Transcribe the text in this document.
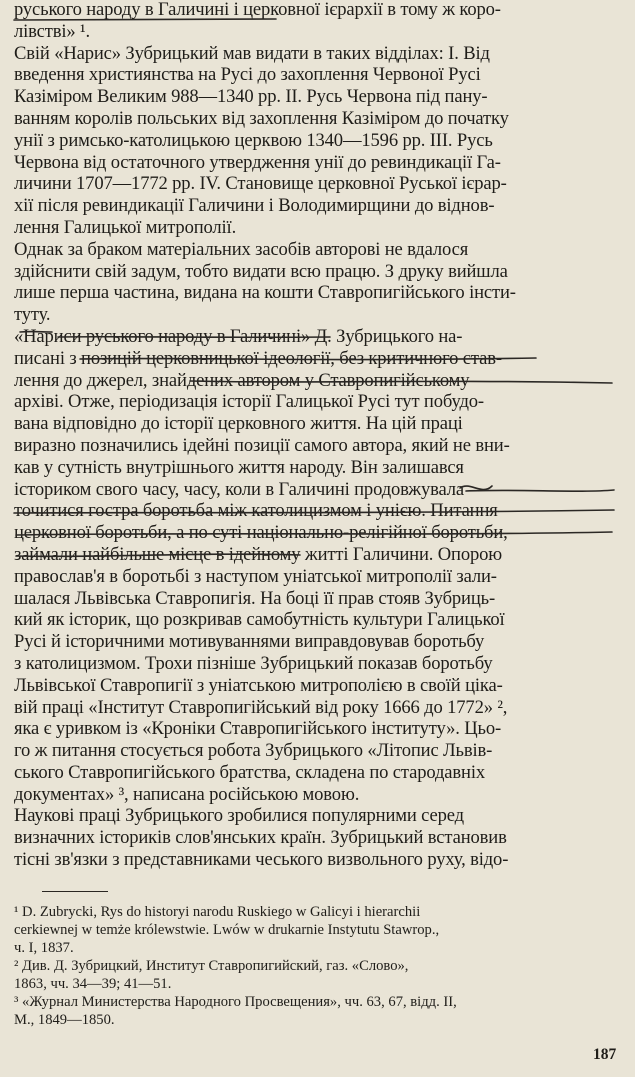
руського народу в Галичині і церковної ієрархії в тому ж коро-
лівстві» ¹.
Свій «Нарис» Зубрицький мав видати в таких відділах: І. Від
введення християнства на Русі до захоплення Червоної Русі
Казіміром Великим 988—1340 рр. II. Русь Червона під пану-
ванням королів польських від захоплення Казіміром до початку
унії з римсько-католицькою церквою 1340—1596 рр. III. Русь
Червона від остаточного утвердження унії до ревиндикації Га-
личини 1707—1772 рр. IV. Становище церковної Руської ієрар-
хії після ревиндикації Галичини і Володимирщини до віднов-
лення Галицької митрополії.
Однак за браком матеріальних засобів авторові не вдалося
здійснити свій задум, тобто видати всю працю. З друку вийшла
лише перша частина, видана на кошти Ставропигійського інсти-
туту.
«Нариси руського народу в Галичині» Д. Зубрицького на-
писані з позицій церковницької ідеології, без критичного став-
лення до джерел, знайдених автором у Ставропигійському
архіві. Отже, періодизація історії Галицької Русі тут побудо-
вана відповідно до історії церковного життя. На цій праці
виразно позначились ідейні позиції самого автора, який не вни-
кав у сутність внутрішнього життя народу. Він залишався
істориком свого часу, часу, коли в Галичині продовжувала
точитися гостра боротьба між католицизмом і унією. Питання
церковної боротьби, а по суті національно-релігійної боротьби,
займали найбільше місце в ідейному житті Галичини. Опорою
православ'я в боротьбі з наступом уніатської митрополії зали-
шалася Львівська Ставропигія. На боці її прав стояв Зубриць-
кий як історик, що розкривав самобутність культури Галицької
Русі й історичними мотивуваннями виправдовував боротьбу
з католицизмом. Трохи пізніше Зубрицький показав боротьбу
Львівської Ставропигії з уніатською митрополією в своїй ціка-
вій праці «Інститут Ставропигійський від року 1666 до 1772» ²,
яка є уривком із «Кроніки Ставропигійського інституту». Цьо-
го ж питання стосується робота Зубрицького «Літопис Львів-
ського Ставропигійського братства, складена по стародавніх
документах» ³, написана російською мовою.
Наукові праці Зубрицького зробилися популярними серед
визначних істориків слов'янських країн. Зубрицький встановив
тісні зв'язки з представниками чеського визвольного руху, відо-
¹ D. Zubrycki, Rys do historyi narodu Ruskiego w Galicyi i hierarchii
cerkiewnej w temże królewstwie. Lwów w drukarnie Instytutu Stawrop.,
ч. I, 1837.
² Див. Д. Зубрицкий, Институт Ставропигийский, газ. «Слово»,
1863, чч. 34—39; 41—51.
³ «Журнал Министерства Народного Просвещения», чч. 63, 67, відд. II,
М., 1849—1850.
187
